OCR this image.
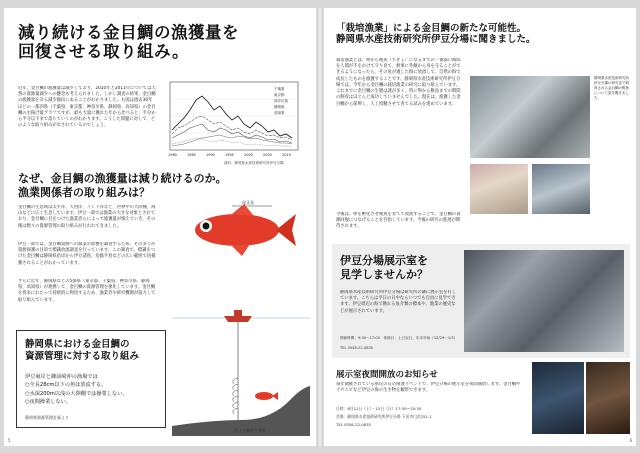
減り続ける金目鯛の漁獲量を
回復させる取り組み。
近年、金目鯛の漁獲量は減少しており、2010年と2011年については天然の資源量減少への懸念も考えられました。しかし調査の結果、金目鯛の漁獲量を計る減少傾向にあることがわかりました。右図は過去30年ほどの一都四県（千葉県、東京都、神奈川県、静岡県、高知県）の金目鯛の水揚げ量グラフですが、最も大量に獲れた年から比べると、半分から半分以下まで落ちていくのがわかります。こうした問題に対して、どのような取り組みがなされているのでしょう。
千葉県
東京都
神奈川県
静岡県
高知県
1980	1985	1990	1995	2000	2005	2010
資料：静岡県水産技術研究所伊豆分場
なぜ、金目鯛の漁獲量は減り続けるのか。
漁業関係者の取り組みは？
金目鯛の生息域は太平洋、大西洋、インド洋など、世界中の大陸棚、海山などに広く生息しています。伊豆一部では漁業の大きな対象とされており、金目鯛に目をつけた漁業者らによって漁獲量が増えていき、その後は数々の資源管理の取り組みが行われてきました。
伊豆一部では、金目鯛資源への漁業の影響を調査するため、その多くが資源保護の目的で標識放流調査を行っています。この調査で、標識をつけた金目鯛は静岡県沿岸から伊豆諸島、房総半島などの広い範囲で再捕獲されることがわかっています。
さらに近年、静岡県などの5都県（東京都、千葉県、神奈川県、静岡県、高知県）が連携して、金目鯛の資源管理を強化しています。金目鯛を将来にわたって持続的に利用するため、漁業者や研究機関が協力して取り組んでいます。
尾叉長
あまり
図｜立縄釣り漁業
静岡県における金目鯛の
資源管理に対する取り組み
伊豆東岸と御前崎沖の漁場では
○全長28cm以下の魚は放流する。
○水深200m以浅の大陸棚では操業しない。
○夜間操業しない。
静岡県資源管理計画より
5
「栽培漁業」による金目鯛の新たな可能性。
静岡県水産技術研究所伊豆分場に聞きました。
栽培漁業とは、卵から稚魚（ちぎょ）になるまでの一番弱い期間を人間が手をかけて守り育て、無事に外敵から身を守ることができるようになったら、その魚が適した海に放流して、自然の海で成長したものを漁獲することです。静岡県水産技術研究所伊豆分場では、今年から金目鯛の栽培漁業の研究に取り組んでいます。これまでに金目鯛の生態は謎が多く、特に卵から稚魚までの期間の飼育はほとんど成功していませんでした。現在は、漁獲した金目鯛から採卵し、人工授精させて育てる試みを進めています。
今後は、卵を孵化させ稚魚を育てて放流することで、金目鯛の資源回復につなげることを目指しています。今後の研究の進展が期待されます。
静岡県水産技術研究所伊豆分場の研究室で飼育される金目鯛の稚魚について話を聞きました。
伊豆分場展示室を
見学しませんか？
静岡県水産技術研究所伊豆分場は研究所の隣に展示室を有しています。こちらは平日の日中ならいつでも自由に見学できます。伊豆周辺の海で獲れる魚介類の標本や、漁業の歴史などが展示されています。
開館時間：9:30〜17:00　休館日：土日祝日、年末年始（12/29〜1/3）
TEL 0558-22-0835
展示室夜間開放のお知らせ
毎年開催されている県民の日の関連イベントで、伊豆分場の展示室を夜間開放します。金目鯛やイセエビなど伊豆の海の生き物を観察できます。
日時：8月12日（土）・13日（日）17:30〜20:30
会場：静岡県水産技術研究所伊豆分場 下田市白浜251-1
TEL 0558-22-0835
6
